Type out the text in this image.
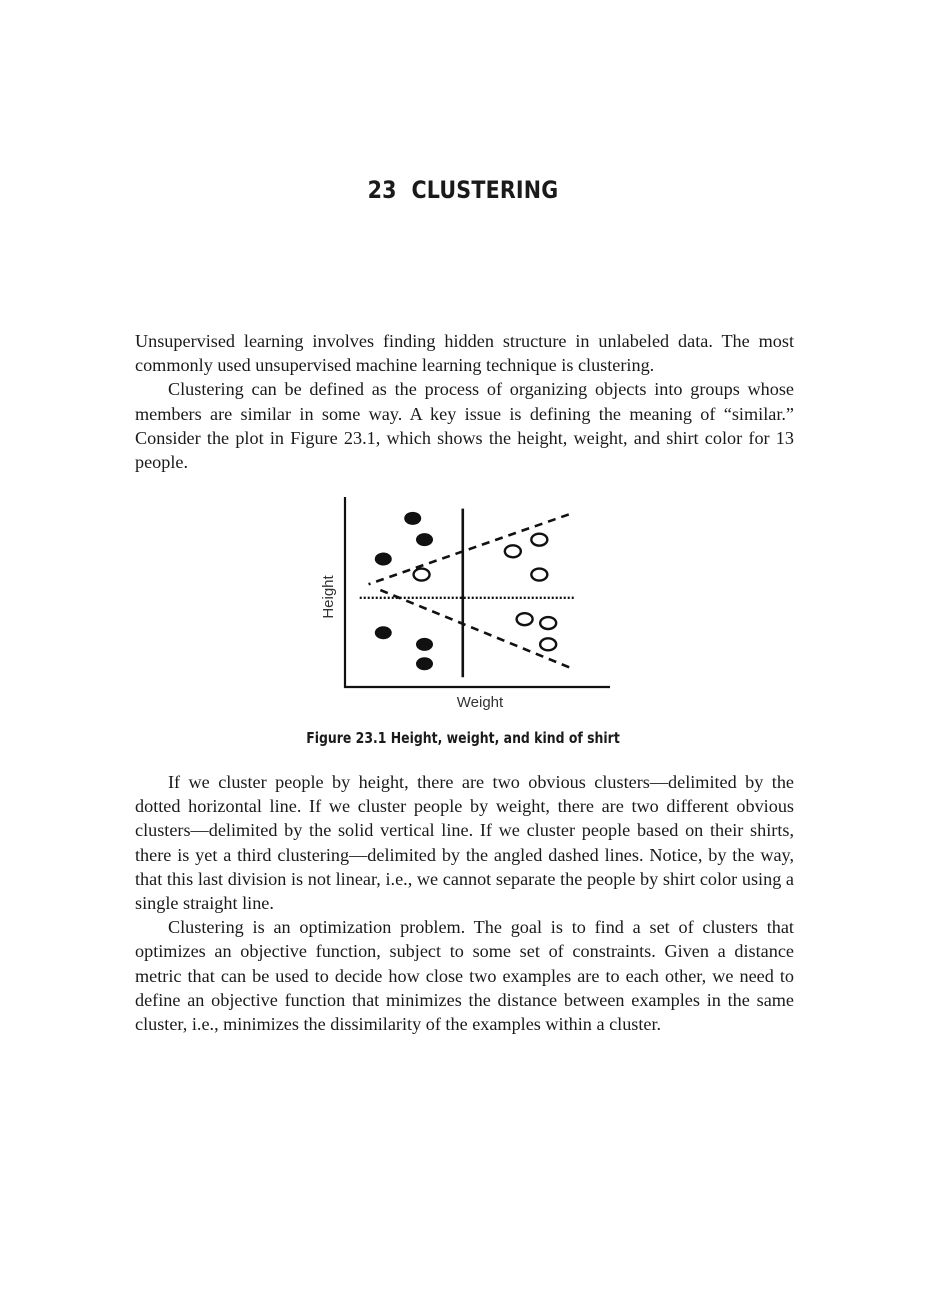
23 CLUSTERING

Unsupervised learning involves finding hidden structure in unlabeled data. The most commonly used unsupervised machine learning technique is clustering.

Clustering can be defined as the process of organizing objects into groups whose members are similar in some way. A key issue is defining the meaning of “similar.” Consider the plot in Figure 23.1, which shows the height, weight, and shirt color for 13 people.

Weight
Height
Figure 23.1 Height, weight, and kind of shirt

If we cluster people by height, there are two obvious clusters—delimited by the dotted horizontal line. If we cluster people by weight, there are two different obvious clusters—delimited by the solid vertical line. If we cluster people based on their shirts, there is yet a third clustering—delimited by the angled dashed lines. Notice, by the way, that this last division is not linear, i.e., we cannot separate the people by shirt color using a single straight line.

Clustering is an optimization problem. The goal is to find a set of clusters that optimizes an objective function, subject to some set of constraints. Given a distance metric that can be used to decide how close two examples are to each other, we need to define an objective function that minimizes the distance between examples in the same cluster, i.e., minimizes the dissimilarity of the examples within a cluster.
